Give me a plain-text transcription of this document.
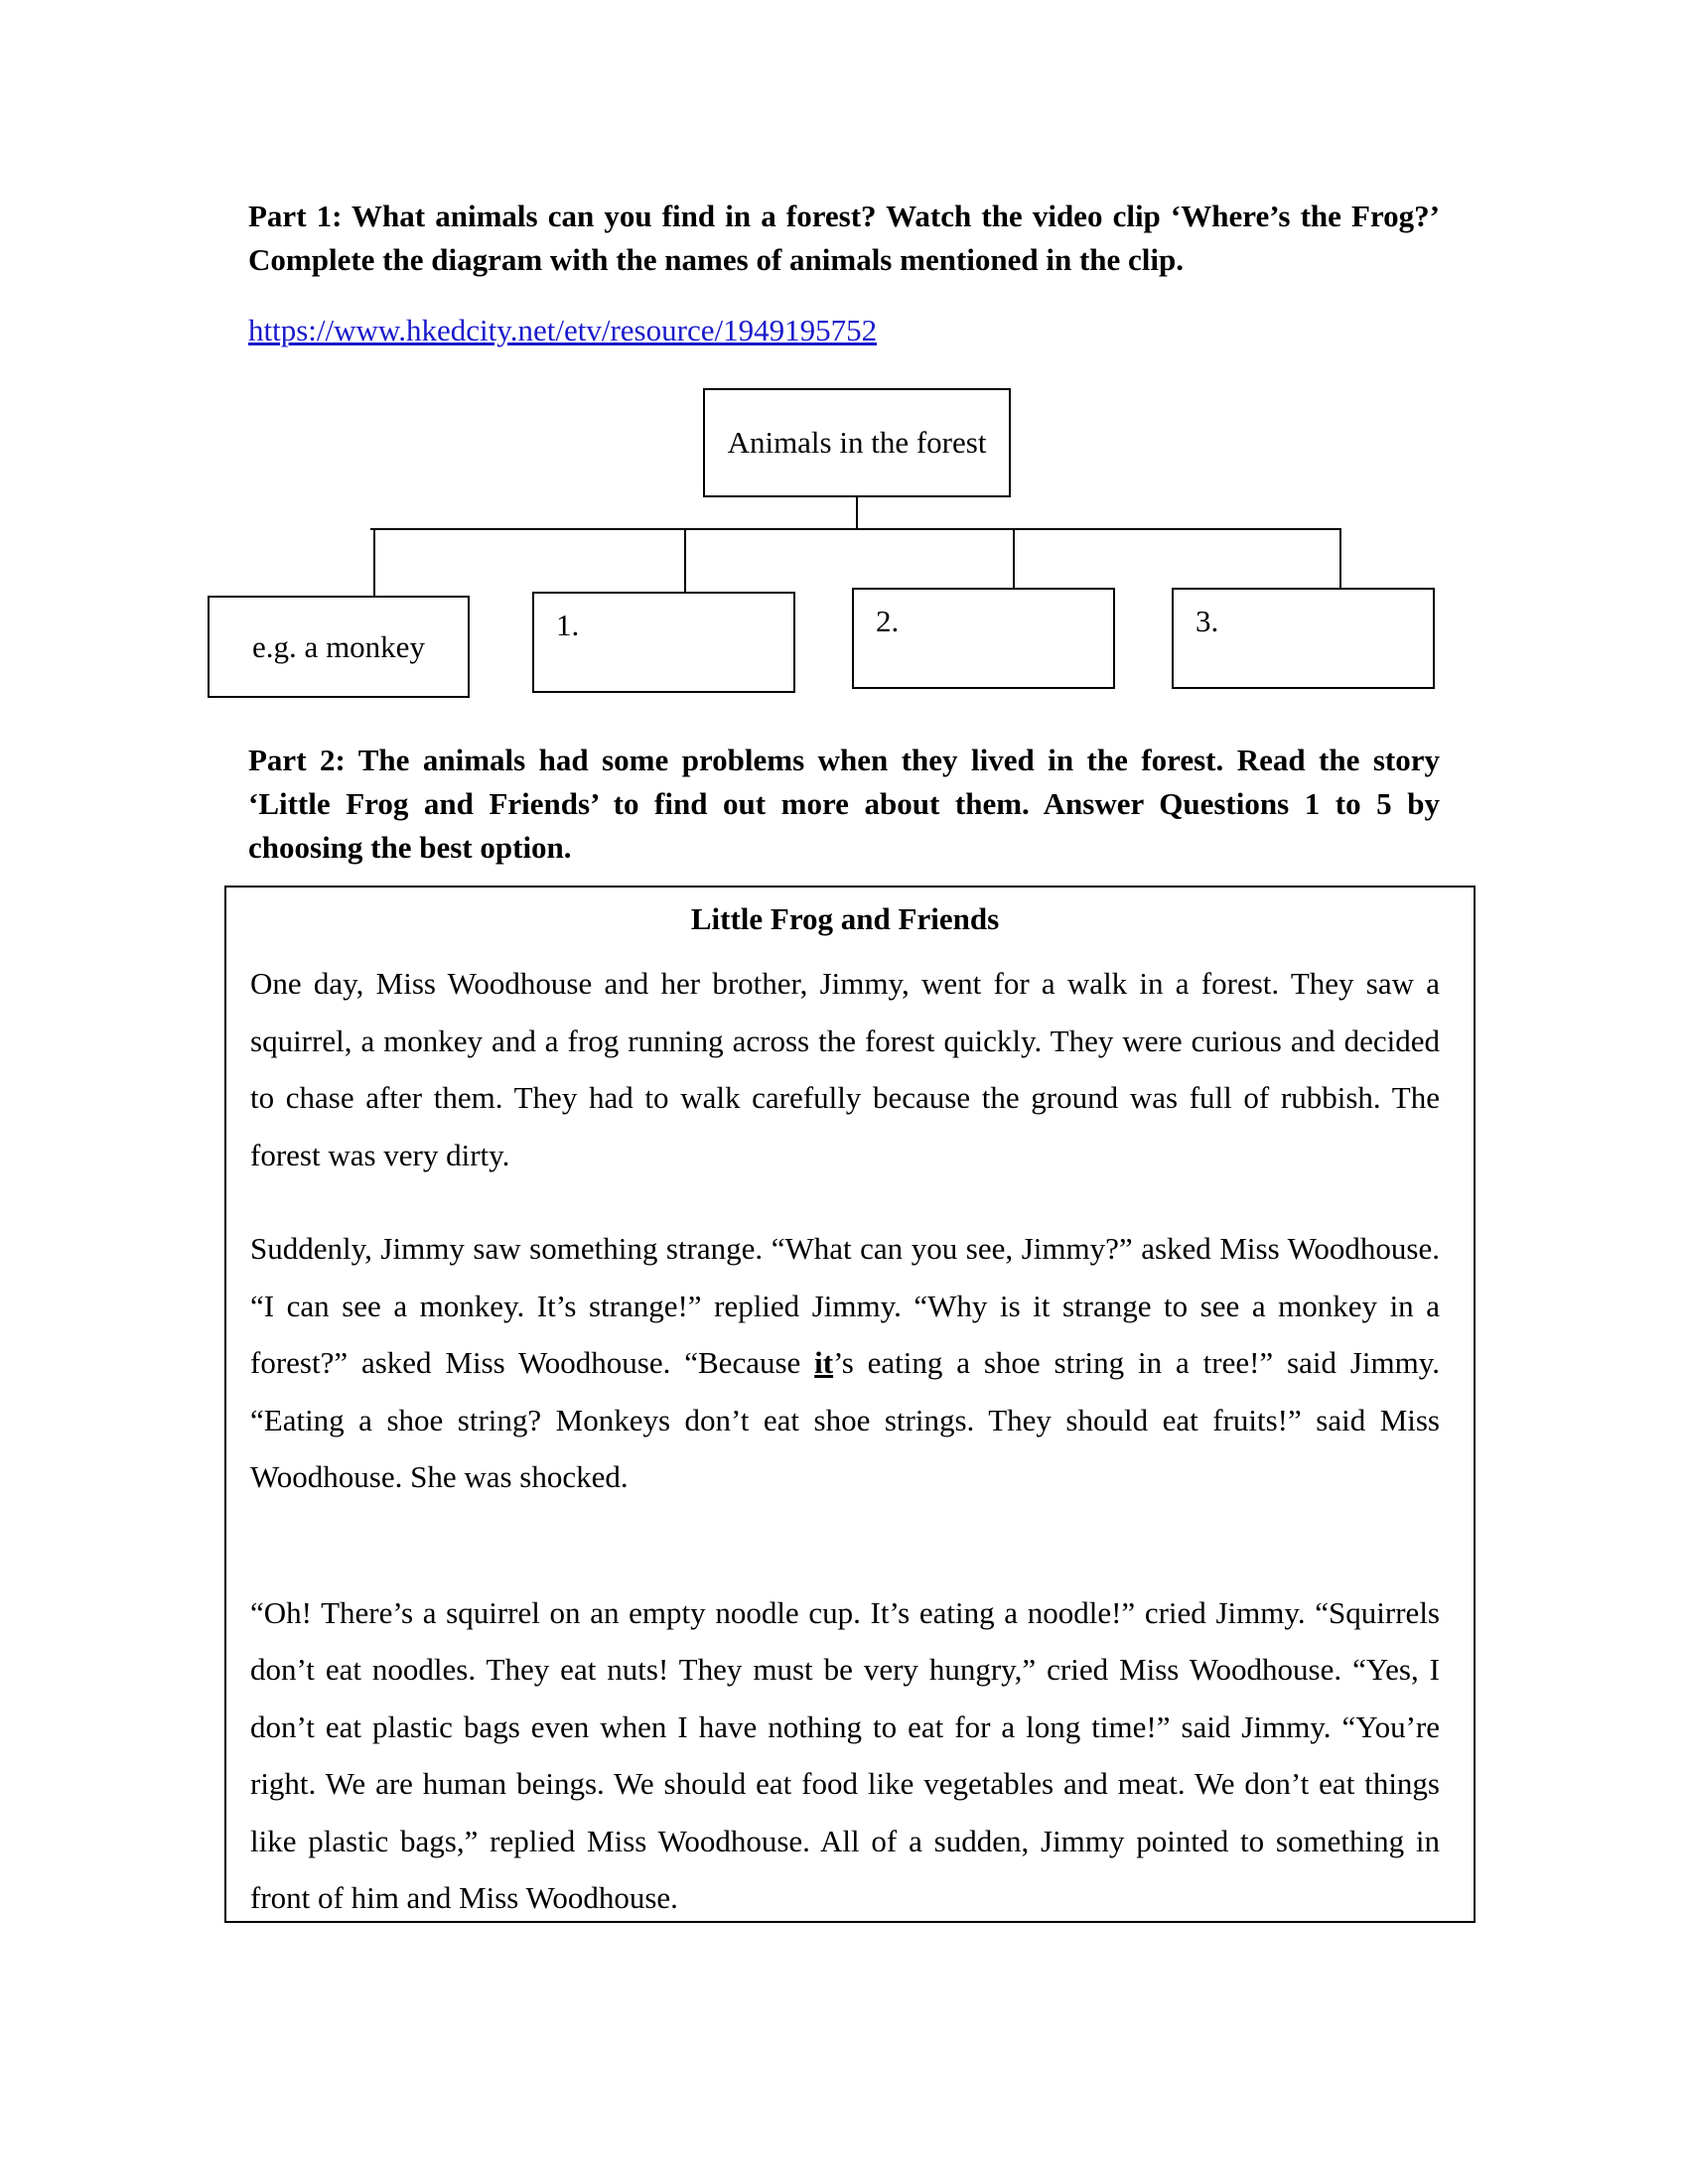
Part 1: What animals can you find in a forest? Watch the video clip ‘Where’s the Frog?’ Complete the diagram with the names of animals mentioned in the clip.
https://www.hkedcity.net/etv/resource/1949195752
Animals in the forest
e.g. a monkey
1.	2.	3.
Part 2: The animals had some problems when they lived in the forest. Read the story ‘Little Frog and Friends’ to find out more about them. Answer Questions 1 to 5 by choosing the best option.
Little Frog and Friends

One day, Miss Woodhouse and her brother, Jimmy, went for a walk in a forest. They saw a squirrel, a monkey and a frog running across the forest quickly. They were curious and decided to chase after them. They had to walk carefully because the ground was full of rubbish. The forest was very dirty.

Suddenly, Jimmy saw something strange. “What can you see, Jimmy?” asked Miss Woodhouse. “I can see a monkey. It’s strange!” replied Jimmy. “Why is it strange to see a monkey in a forest?” asked Miss Woodhouse. “Because it’s eating a shoe string in a tree!” said Jimmy. “Eating a shoe string? Monkeys don’t eat shoe strings. They should eat fruits!” said Miss Woodhouse. She was shocked.

“Oh! There’s a squirrel on an empty noodle cup. It’s eating a noodle!” cried Jimmy. “Squirrels don’t eat noodles. They eat nuts! They must be very hungry,” cried Miss Woodhouse. “Yes, I don’t eat plastic bags even when I have nothing to eat for a long time!” said Jimmy. “You’re right. We are human beings. We should eat food like vegetables and meat. We don’t eat things like plastic bags,” replied Miss Woodhouse. All of a sudden, Jimmy pointed to something in front of him and Miss Woodhouse.
